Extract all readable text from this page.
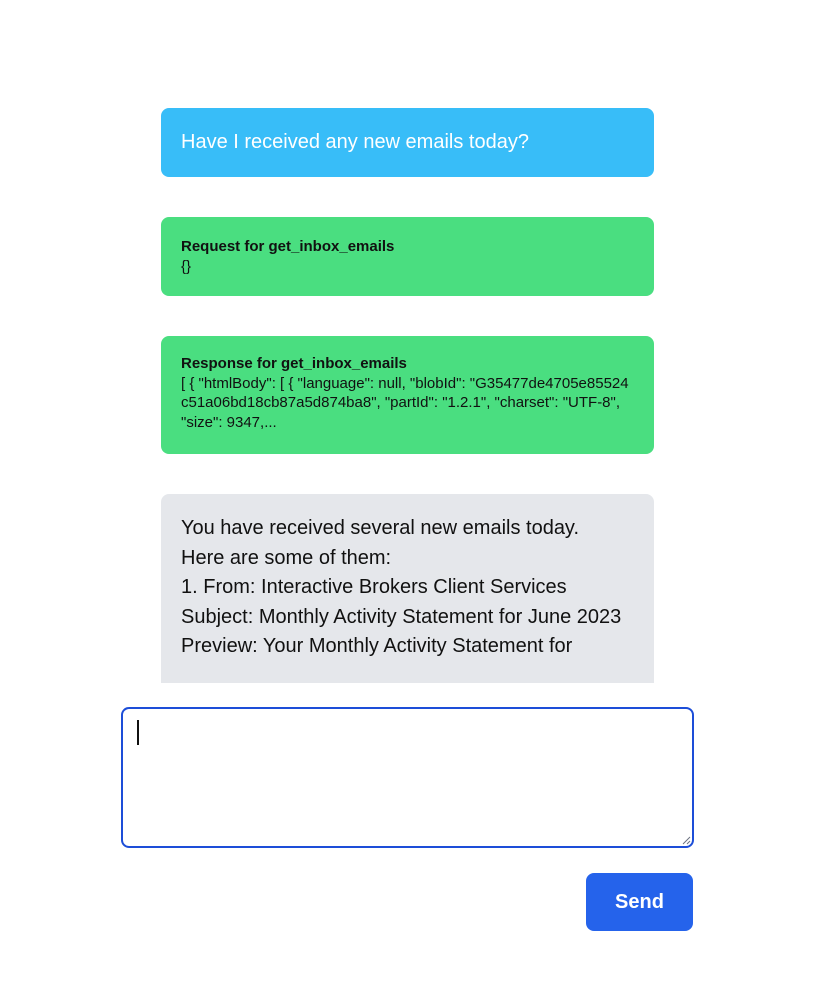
Have I received any new emails today?
Request for get_inbox_emails
{}
Response for get_inbox_emails
[ { "htmlBody": [ { "language": null, "blobId": "G35477de4705e85524c51a06bd18cb87a5d874ba8", "partId": "1.2.1", "charset": "UTF-8", "size": 9347,...
You have received several new emails today.
Here are some of them:
1. From: Interactive Brokers Client Services
Subject: Monthly Activity Statement for June 2023
Preview: Your Monthly Activity Statement for
Send
